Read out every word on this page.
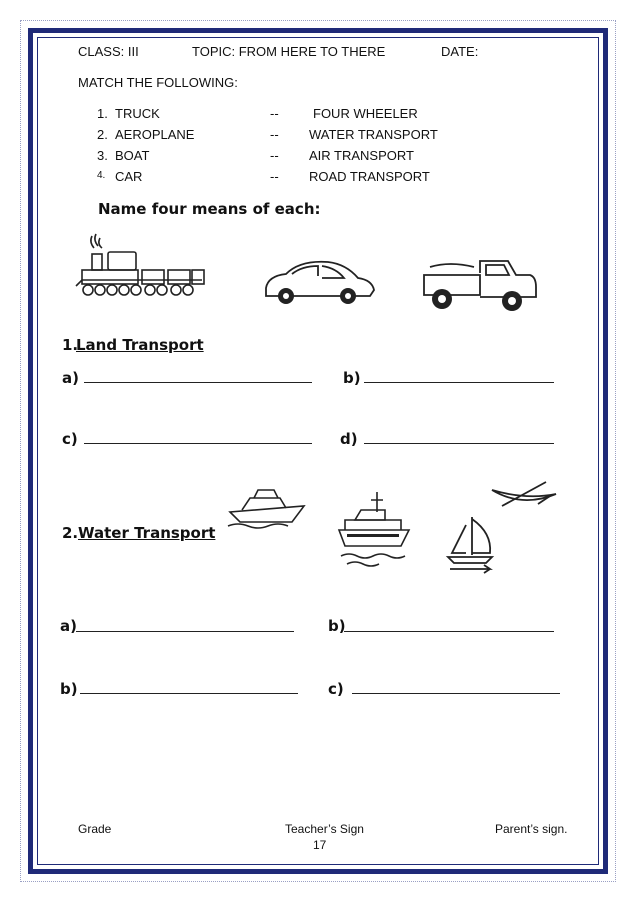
CLASS: III	TOPIC: FROM HERE TO THERE	DATE:
MATCH THE FOLLOWING:
1. TRUCK	--	FOUR WHEELER
2. AEROPLANE	-- WATER TRANSPORT
3. BOAT	-- AIR TRANSPORT
4. CAR	-- ROAD TRANSPORT
Name four means of each:
1.
Land Transport
a)	b)
c)	d)
2. Water Transport
a)	b)
b)	c)
Grade	Teacher’s Sign	Parent’s sign.
17
